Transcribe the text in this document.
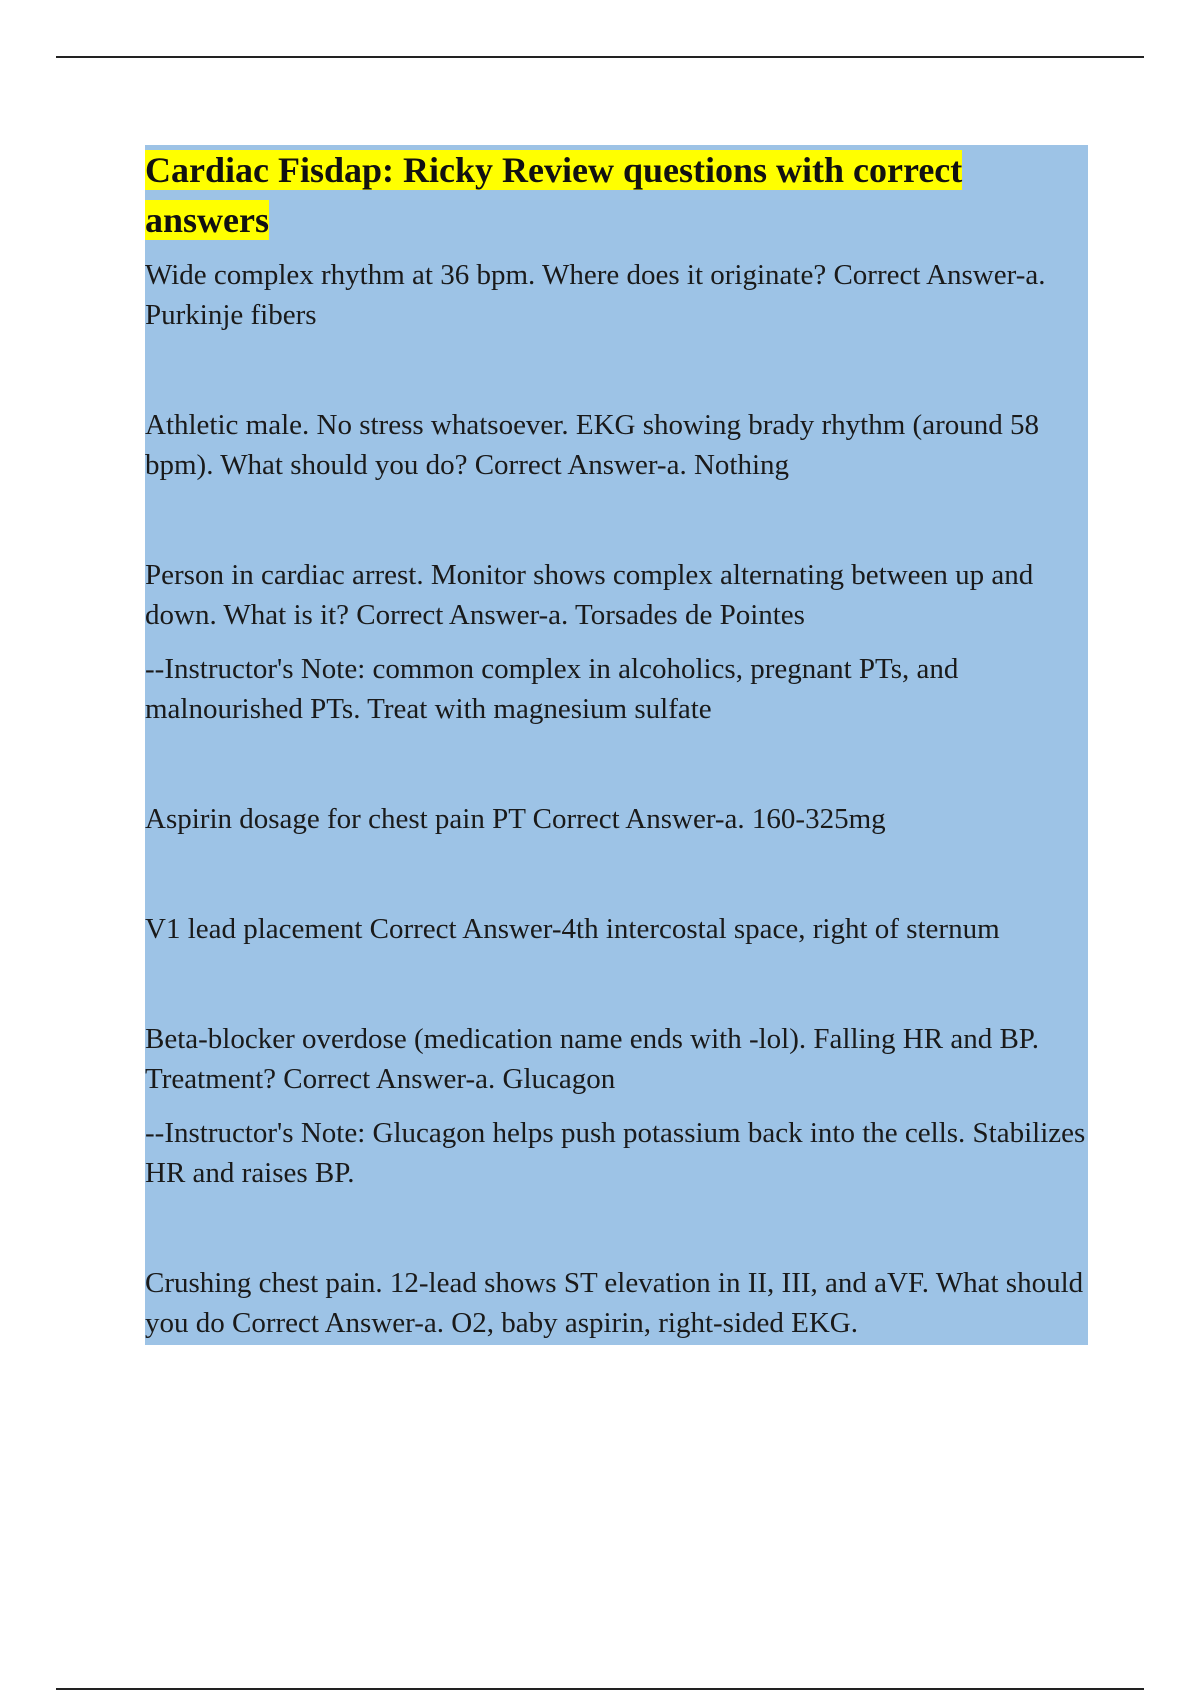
Cardiac Fisdap: Ricky Review questions with correct answers

Wide complex rhythm at 36 bpm. Where does it originate? Correct Answer-a. Purkinje fibers

Athletic male. No stress whatsoever. EKG showing brady rhythm (around 58 bpm). What should you do? Correct Answer-a. Nothing

Person in cardiac arrest. Monitor shows complex alternating between up and down. What is it? Correct Answer-a. Torsades de Pointes

--Instructor's Note: common complex in alcoholics, pregnant PTs, and malnourished PTs. Treat with magnesium sulfate

Aspirin dosage for chest pain PT Correct Answer-a. 160-325mg

V1 lead placement Correct Answer-4th intercostal space, right of sternum

Beta-blocker overdose (medication name ends with -lol). Falling HR and BP. Treatment? Correct Answer-a. Glucagon

--Instructor's Note: Glucagon helps push potassium back into the cells. Stabilizes HR and raises BP.

Crushing chest pain. 12-lead shows ST elevation in II, III, and aVF. What should you do Correct Answer-a. O2, baby aspirin, right-sided EKG.
